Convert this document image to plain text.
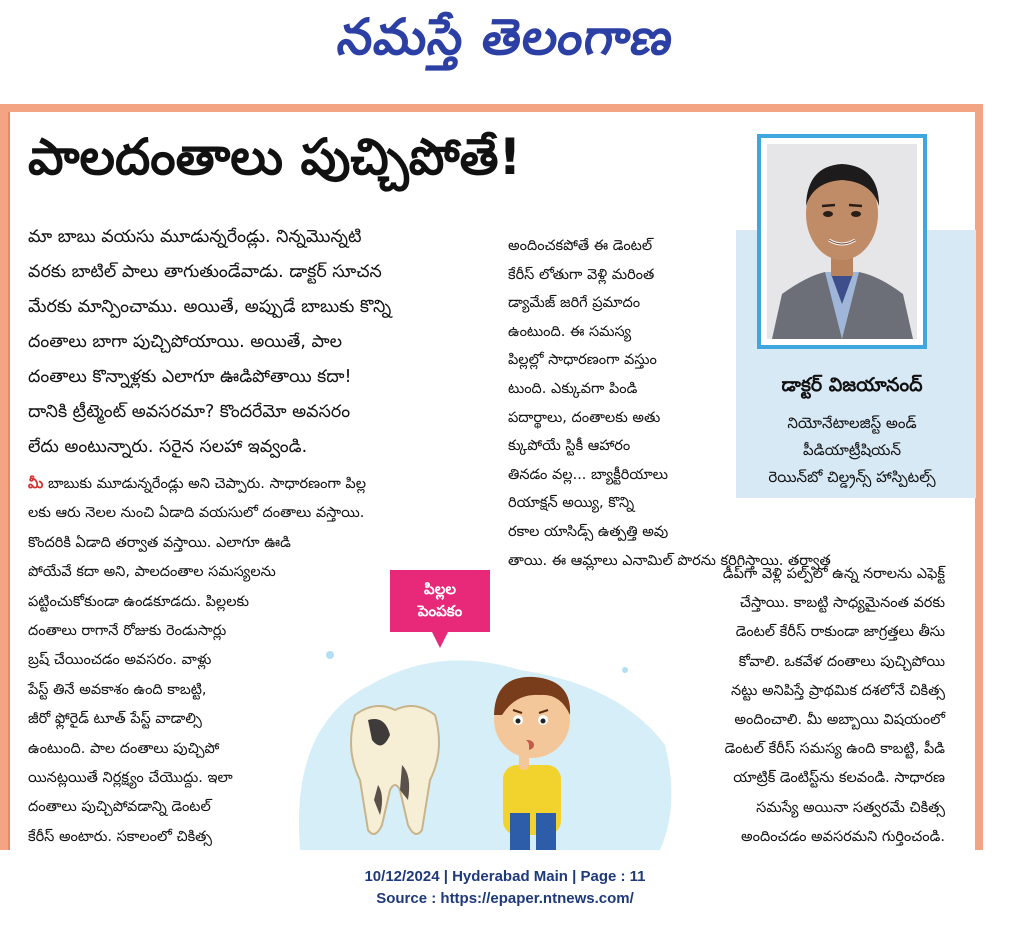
నమస్తే తెలంగాణ
పాలదంతాలు పుచ్చిపోతే!
డాక్టర్ విజయానంద్
నియోనేటాలజిస్ట్ అండ్
పీడియాట్రీషియన్
రెయిన్‌బో చిల్డ్రన్స్ హాస్పిటల్స్
మా బాబు వయసు మూడున్నరేండ్లు. నిన్నమొన్నటి
వరకు బాటిల్ పాలు తాగుతుండేవాడు. డాక్టర్ సూచన
మేరకు మాన్పించాము. అయితే, అప్పుడే బాబుకు కొన్ని
దంతాలు బాగా పుచ్చిపోయాయి. అయితే, పాల
దంతాలు కొన్నాళ్లకు ఎలాగూ ఊడిపోతాయి కదా!
దానికి ట్రీట్మెంట్ అవసరమా? కొందరేమో అవసరం
లేదు అంటున్నారు. సరైన సలహా ఇవ్వండి.
మీ బాబుకు మూడున్నరేండ్లు అని చెప్పారు. సాధారణంగా పిల్ల
లకు ఆరు నెలల నుంచి ఏడాది వయసులో దంతాలు వస్తాయి.
కొందరికి ఏడాది తర్వాత వస్తాయి. ఎలాగూ ఊడి
పోయేవే కదా అని, పాలదంతాల సమస్యలను
పట్టించుకోకుండా ఉండకూడదు. పిల్లలకు
దంతాలు రాగానే రోజుకు రెండుసార్లు
బ్రష్ చేయించడం అవసరం. వాళ్లు
పేస్ట్ తినే అవకాశం ఉంది కాబట్టి,
జీరో ఫ్లోరైడ్ టూత్ పేస్ట్ వాడాల్సి
ఉంటుంది. పాల దంతాలు పుచ్చిపో
యినట్లయితే నిర్లక్ష్యం చేయొద్దు. ఇలా
దంతాలు పుచ్చిపోవడాన్ని డెంటల్
కేరీస్ అంటారు. సకాలంలో చికిత్స
అందించకపోతే ఈ డెంటల్
కేరీస్ లోతుగా వెళ్లి మరింత
డ్యామేజ్ జరిగే ప్రమాదం
ఉంటుంది. ఈ సమస్య
పిల్లల్లో సాధారణంగా వస్తుం
టుంది. ఎక్కువగా పిండి
పదార్థాలు, దంతాలకు అతు
క్కుపోయే స్టికీ ఆహారం
తినడం వల్ల... బ్యాక్టీరియాలు
రియాక్షన్ అయ్యి, కొన్ని
రకాల యాసిడ్స్ ఉత్పత్తి అవు
తాయి. ఈ ఆమ్లాలు ఎనామిల్ పొరను కరిగిస్తాయి. తర్వాత
పిల్లల
పెంపకం
డీప్‌గా వెళ్లి పల్ప్‌లో ఉన్న నరాలను ఎఫెక్ట్
చేస్తాయి. కాబట్టి సాధ్యమైనంత వరకు
డెంటల్ కేరీస్ రాకుండా జాగ్రత్తలు తీసు
కోవాలి. ఒకవేళ దంతాలు పుచ్చిపోయి
నట్టు అనిపిస్తే ప్రాథమిక దశలోనే చికిత్స
అందించాలి. మీ అబ్బాయి విషయంలో
డెంటల్ కేరీస్ సమస్య ఉంది కాబట్టి, పీడి
యాట్రిక్ డెంటిస్ట్‌ను కలవండి. సాధారణ
సమస్యే అయినా సత్వరమే చికిత్స
అందించడం అవసరమని గుర్తించండి.
10/12/2024 | Hyderabad Main | Page : 11
Source : https://epaper.ntnews.com/
